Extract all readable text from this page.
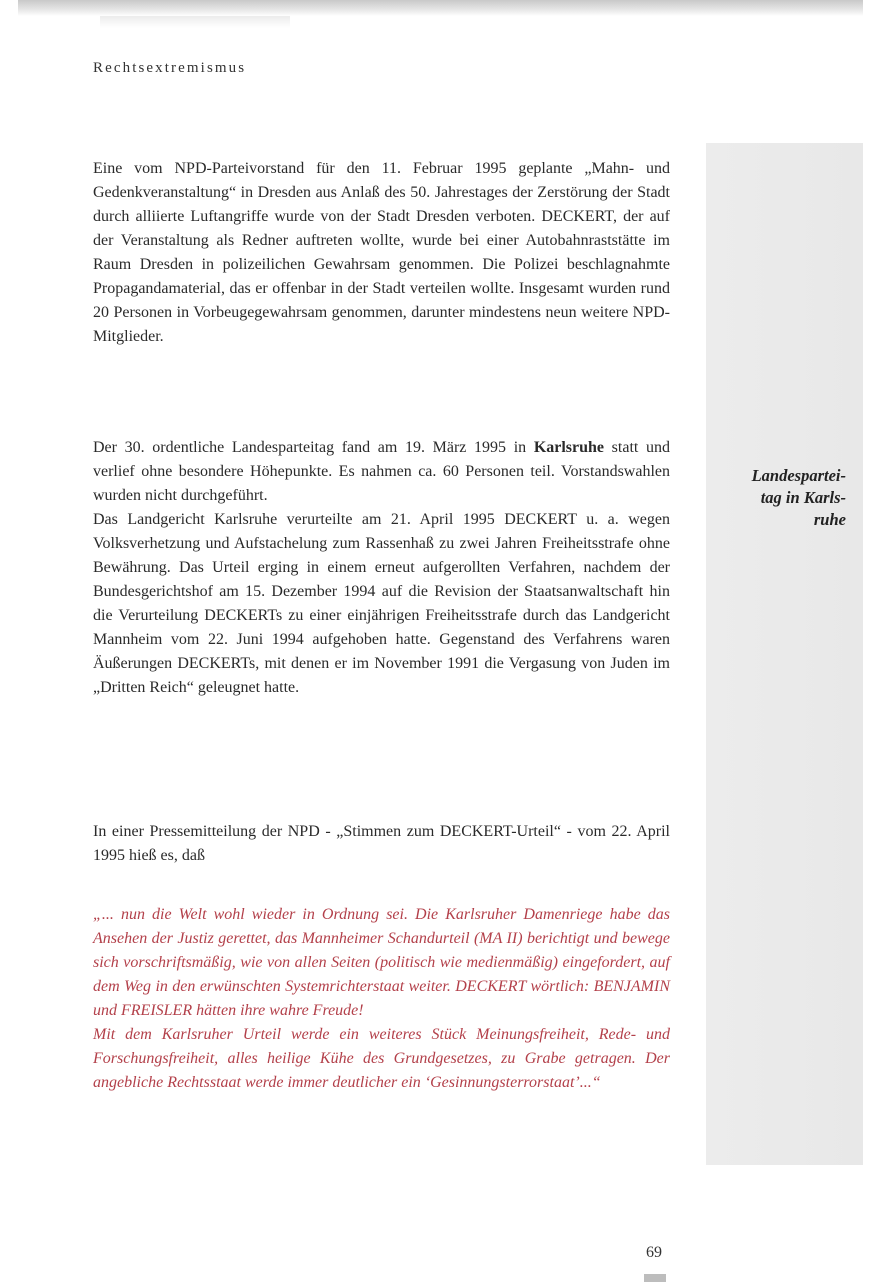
Rechtsextremismus
Landespartei-
tag in Karls-
ruhe

Eine vom NPD-Parteivorstand für den 11. Februar 1995 geplante „Mahn- und Gedenkveranstaltung“ in Dresden aus Anlaß des 50. Jahrestages der Zerstörung der Stadt durch alliierte Luftangriffe wurde von der Stadt Dresden verboten. DECKERT, der auf der Veranstaltung als Redner auftreten wollte, wurde bei einer Autobahnraststätte im Raum Dresden in polizeilichen Gewahrsam genommen. Die Polizei beschlagnahmte Propagandamaterial, das er offenbar in der Stadt verteilen wollte. Insgesamt wurden rund 20 Personen in Vorbeugegewahrsam genommen, darunter mindestens neun weitere NPD-Mitglieder.

Der 30. ordentliche Landesparteitag fand am 19. März 1995 in Karlsruhe statt und verlief ohne besondere Höhepunkte. Es nahmen ca. 60 Personen teil. Vorstandswahlen wurden nicht durchgeführt.

Das Landgericht Karlsruhe verurteilte am 21. April 1995 DECKERT u. a. wegen Volksverhetzung und Aufstachelung zum Rassenhaß zu zwei Jahren Freiheitsstrafe ohne Bewährung. Das Urteil erging in einem erneut aufgerollten Verfahren, nachdem der Bundesgerichtshof am 15. Dezember 1994 auf die Revision der Staatsanwaltschaft hin die Verurteilung DECKERTs zu einer einjährigen Freiheitsstrafe durch das Landgericht Mannheim vom 22. Juni 1994 aufgehoben hatte. Gegenstand des Verfahrens waren Äußerungen DECKERTs, mit denen er im November 1991 die Vergasung von Juden im „Dritten Reich“ geleugnet hatte.

In einer Pressemitteilung der NPD - „Stimmen zum DECKERT-Urteil“ - vom 22. April 1995 hieß es, daß

„... nun die Welt wohl wieder in Ordnung sei. Die Karlsruher Damenriege habe das Ansehen der Justiz gerettet, das Mannheimer Schandurteil (MA II) berichtigt und bewege sich vorschriftsmäßig, wie von allen Seiten (politisch wie medienmäßig) eingefordert, auf dem Weg in den erwünschten Systemrichterstaat weiter. DECKERT wörtlich: BENJAMIN und FREISLER hätten ihre wahre Freude!

Mit dem Karlsruher Urteil werde ein weiteres Stück Meinungsfreiheit, Rede- und Forschungsfreiheit, alles heilige Kühe des Grundgesetzes, zu Grabe getragen. Der angebliche Rechtsstaat werde immer deutlicher ein ‘Gesinnungsterrorstaat’...“

69
